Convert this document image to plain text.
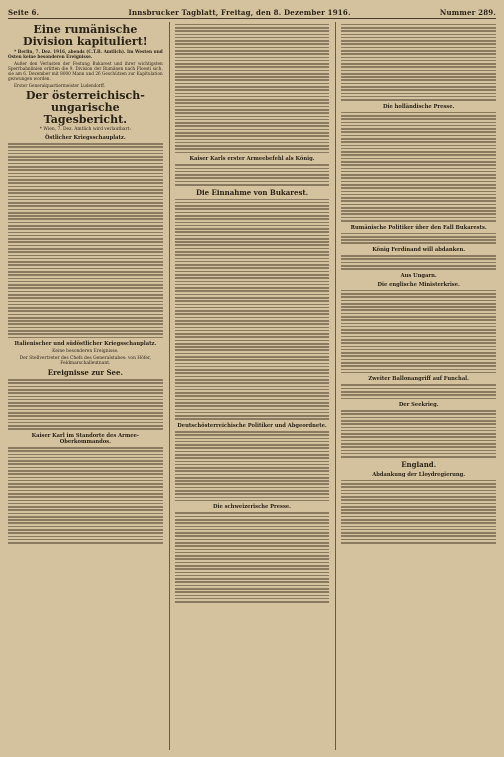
Seite 6.	Innsbrucker Tagblatt, Freitag, den 8. Dezember 1916.	Nummer 289.
Eine rumänische Division kapituliert!
* Berlin, 7. Dez. 1916, abends (C.T.B. Amtlich). Im Westen und Osten keine besonderen Ereignisse.
Außer den Verlusten der Festung Bukarest und ihrer wichtigsten Sperrbahnlinien erlitten die 9. Division der Rumänen nach Ploesti sich, sie am 6. Dezember mit 8000 Mann und 26 Geschützen zur Kapitulation gezwungen worden.
Erster Generalquartiermeister Ludendorff.
Der österreichisch-ungarische Tagesbericht.
* Wien, 7. Dez. Amtlich wird verlautbart:
Östlicher Kriegsschauplatz.
Italienischer und südöstlicher Kriegsschauplatz.
Keine besonderen Ereignisse.
Der Stellvertreter des Chefs des Generalstabes: von Höfer, Feldmarschalleutnant.
Ereignisse zur See.
Kaiser Karl im Standorte des Armee-Oberkommandos.
Kaiser Karls erster Armeebefehl als König.
Die Einnahme von Bukarest.
Deutschösterreichische Politiker und Abgeordnete.
Die schweizerische Presse.
Die holländische Presse.
Rumänische Politiker über den Fall Bukarests.
König Ferdinand will abdanken.
Aus Ungarn.
Die englische Ministerkrise.
Zweiter Ballonangriff auf Funchal.
Der Seekrieg.
England.
Abdankung der Lloydregierung.
